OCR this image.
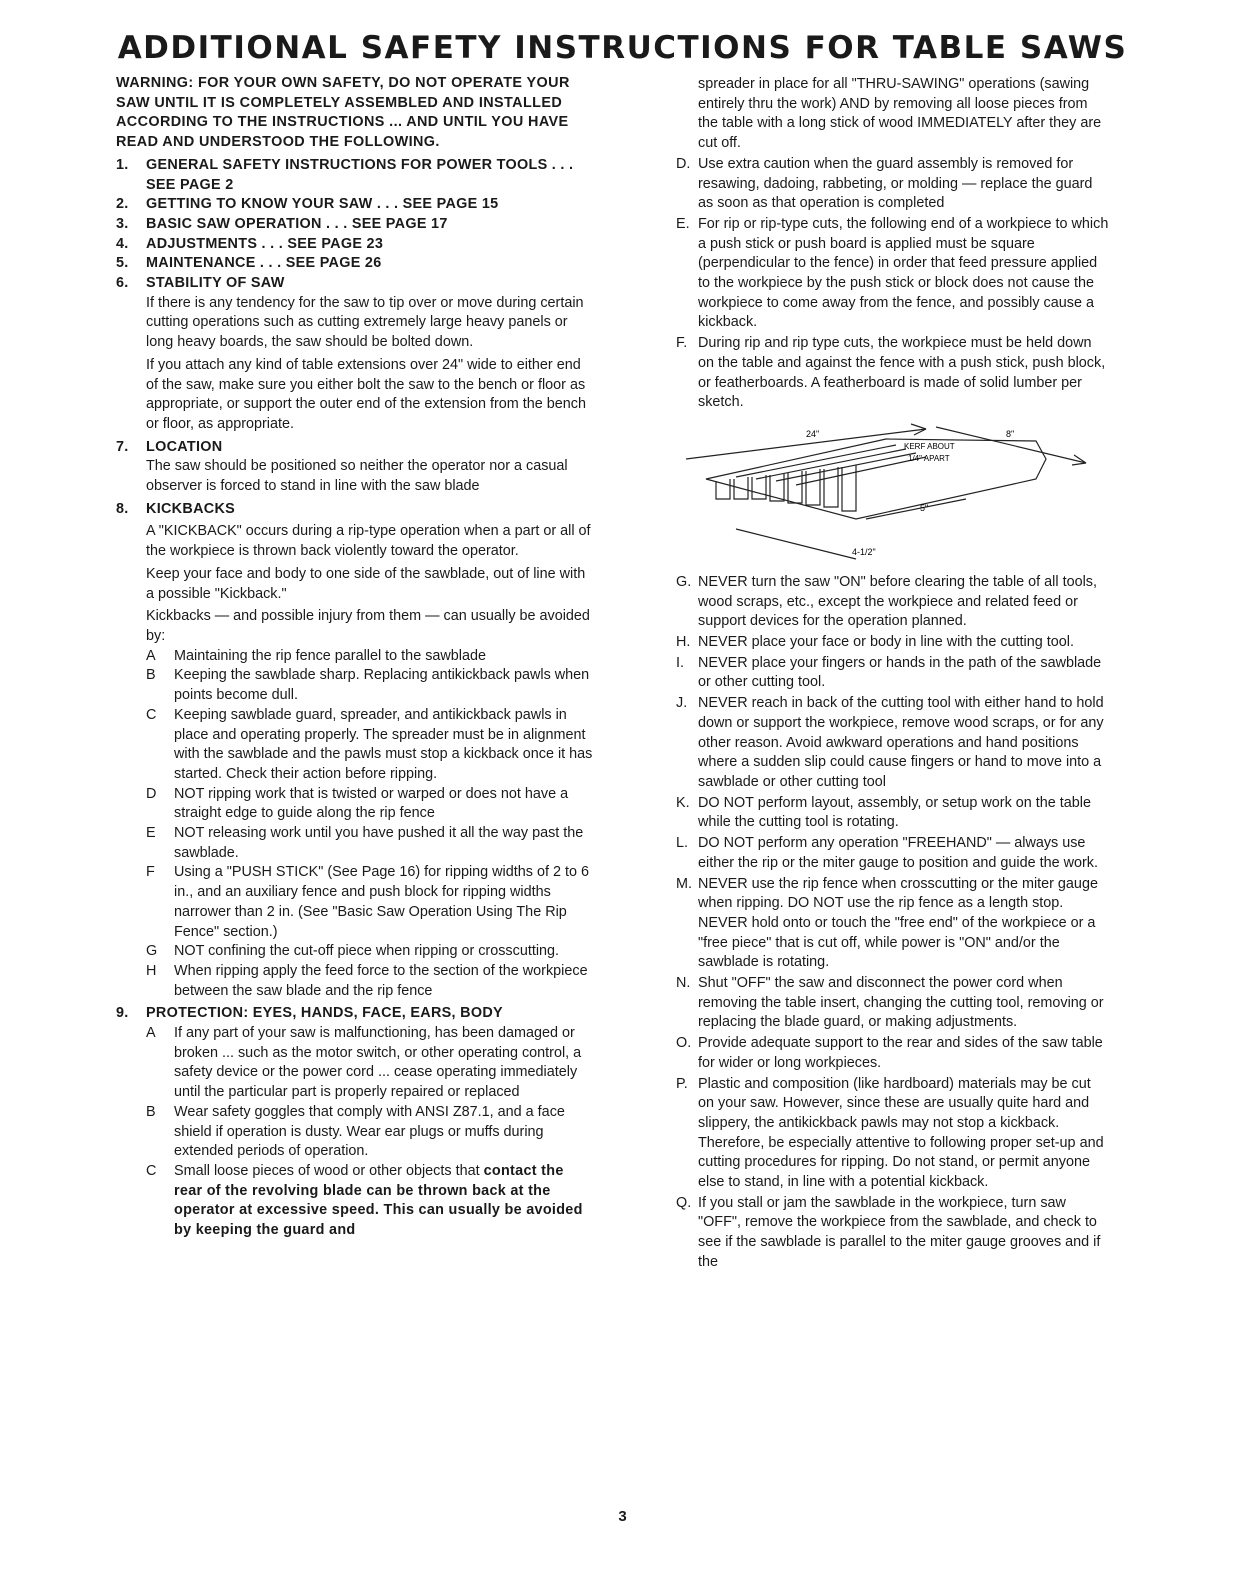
ADDITIONAL SAFETY INSTRUCTIONS FOR TABLE SAWS
WARNING: FOR YOUR OWN SAFETY, DO NOT OPERATE YOUR SAW UNTIL IT IS COMPLETELY ASSEMBLED AND INSTALLED ACCORDING TO THE INSTRUCTIONS ... AND UNTIL YOU HAVE READ AND UNDERSTOOD THE FOLLOWING.
1. GENERAL SAFETY INSTRUCTIONS FOR POWER TOOLS . . . SEE PAGE 2
2. GETTING TO KNOW YOUR SAW . . . SEE PAGE 15
3. BASIC SAW OPERATION . . . SEE PAGE 17
4. ADJUSTMENTS . . . SEE PAGE 23
5. MAINTENANCE . . . SEE PAGE 26
6. STABILITY OF SAW
If there is any tendency for the saw to tip over or move during certain cutting operations such as cutting extremely large heavy panels or long heavy boards, the saw should be bolted down.
If you attach any kind of table extensions over 24" wide to either end of the saw, make sure you either bolt the saw to the bench or floor as appropriate, or support the outer end of the extension from the bench or floor, as appropriate.
7. LOCATION
The saw should be positioned so neither the operator nor a casual observer is forced to stand in line with the saw blade
8. KICKBACKS
A "KICKBACK" occurs during a rip-type operation when a part or all of the workpiece is thrown back violently toward the operator.
Keep your face and body to one side of the sawblade, out of line with a possible "Kickback."
Kickbacks — and possible injury from them — can usually be avoided by:
A Maintaining the rip fence parallel to the sawblade
B Keeping the sawblade sharp. Replacing antikickback pawls when points become dull.
C Keeping sawblade guard, spreader, and antikickback pawls in place and operating properly. The spreader must be in alignment with the sawblade and the pawls must stop a kickback once it has started. Check their action before ripping.
D NOT ripping work that is twisted or warped or does not have a straight edge to guide along the rip fence
E NOT releasing work until you have pushed it all the way past the sawblade.
F Using a "PUSH STICK" (See Page 16) for ripping widths of 2 to 6 in., and an auxiliary fence and push block for ripping widths narrower than 2 in. (See "Basic Saw Operation Using The Rip Fence" section.)
G NOT confining the cut-off piece when ripping or crosscutting.
H When ripping apply the feed force to the section of the workpiece between the saw blade and the rip fence
9. PROTECTION: EYES, HANDS, FACE, EARS, BODY
A If any part of your saw is malfunctioning, has been damaged or broken ... such as the motor switch, or other operating control, a safety device or the power cord ... cease operating immediately until the particular part is properly repaired or replaced
B Wear safety goggles that comply with ANSI Z87.1, and a face shield if operation is dusty. Wear ear plugs or muffs during extended periods of operation.
C Small loose pieces of wood or other objects that contact the rear of the revolving blade can be thrown back at the operator at excessive speed. This can usually be avoided by keeping the guard and
spreader in place for all "THRU-SAWING" operations (sawing entirely thru the work) AND by removing all loose pieces from the table with a long stick of wood IMMEDIATELY after they are cut off.
D. Use extra caution when the guard assembly is removed for resawing, dadoing, rabbeting, or molding — replace the guard as soon as that operation is completed
E. For rip or rip-type cuts, the following end of a workpiece to which a push stick or push board is applied must be square (perpendicular to the fence) in order that feed pressure applied to the workpiece by the push stick or block does not cause the workpiece to come away from the fence, and possibly cause a kickback.
F. During rip and rip type cuts, the workpiece must be held down on the table and against the fence with a push stick, push block, or featherboards. A featherboard is made of solid lumber per sketch.
24"	8"
KERF ABOUT
1/4" APART
5"
4-1/2"
G. NEVER turn the saw "ON" before clearing the table of all tools, wood scraps, etc., except the workpiece and related feed or support devices for the operation planned.
H. NEVER place your face or body in line with the cutting tool.
I. NEVER place your fingers or hands in the path of the sawblade or other cutting tool.
J. NEVER reach in back of the cutting tool with either hand to hold down or support the workpiece, remove wood scraps, or for any other reason. Avoid awkward operations and hand positions where a sudden slip could cause fingers or hand to move into a sawblade or other cutting tool
K. DO NOT perform layout, assembly, or setup work on the table while the cutting tool is rotating.
L. DO NOT perform any operation "FREEHAND" — always use either the rip or the miter gauge to position and guide the work.
M. NEVER use the rip fence when crosscutting or the miter gauge when ripping. DO NOT use the rip fence as a length stop.
NEVER hold onto or touch the "free end" of the workpiece or a "free piece" that is cut off, while power is "ON" and/or the sawblade is rotating.
N. Shut "OFF" the saw and disconnect the power cord when removing the table insert, changing the cutting tool, removing or replacing the blade guard, or making adjustments.
O. Provide adequate support to the rear and sides of the saw table for wider or long workpieces.
P. Plastic and composition (like hardboard) materials may be cut on your saw. However, since these are usually quite hard and slippery, the antikickback pawls may not stop a kickback.
Therefore, be especially attentive to following proper set-up and cutting procedures for ripping. Do not stand, or permit anyone else to stand, in line with a potential kickback.
Q. If you stall or jam the sawblade in the workpiece, turn saw "OFF", remove the workpiece from the sawblade, and check to see if the sawblade is parallel to the miter gauge grooves and if the
3
